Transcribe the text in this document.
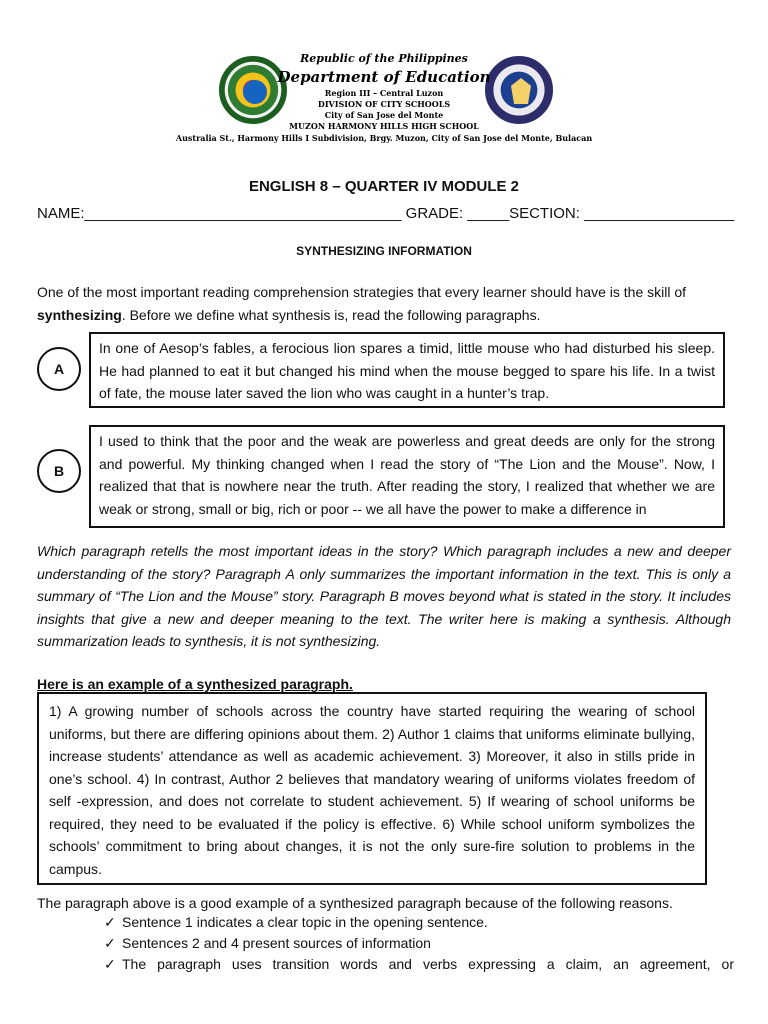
Republic of the Philippines
Department of Education
Region III – Central Luzon
DIVISION OF CITY SCHOOLS
City of San Jose del Monte
MUZON HARMONY HILLS HIGH SCHOOL
Australia St., Harmony Hills I Subdivision, Brgy. Muzon, City of San Jose del Monte, Bulacan
ENGLISH 8 – QUARTER IV MODULE 2
NAME:______________________________________ GRADE: _____SECTION: __________________
SYNTHESIZING INFORMATION
One of the most important reading comprehension strategies that every learner should have is the skill of synthesizing. Before we define what synthesis is, read the following paragraphs.
A
In one of Aesop’s fables, a ferocious lion spares a timid, little mouse who had disturbed his sleep. He had planned to eat it but changed his mind when the mouse begged to spare his life. In a twist of fate, the mouse later saved the lion who was caught in a hunter’s trap.
B
I used to think that the poor and the weak are powerless and great deeds are only for the strong and powerful. My thinking changed when I read the story of “The Lion and the Mouse”. Now, I realized that that is nowhere near the truth. After reading the story, I realized that whether we are weak or strong, small or big, rich or poor -- we all have the power to make a difference in
Which paragraph retells the most important ideas in the story? Which paragraph includes a new and deeper understanding of the story? Paragraph A only summarizes the important information in the text. This is only a summary of “The Lion and the Mouse” story. Paragraph B moves beyond what is stated in the story. It includes insights that give a new and deeper meaning to the text. The writer here is making a synthesis. Although summarization leads to synthesis, it is not synthesizing.
Here is an example of a synthesized paragraph.
1) A growing number of schools across the country have started requiring the wearing of school uniforms, but there are differing opinions about them. 2) Author 1 claims that uniforms eliminate bullying, increase students’ attendance as well as academic achievement. 3) Moreover, it also in stills pride in one’s school. 4) In contrast, Author 2 believes that mandatory wearing of uniforms violates freedom of self -expression, and does not correlate to student achievement. 5) If wearing of school uniforms be required, they need to be evaluated if the policy is effective. 6) While school uniform symbolizes the schools’ commitment to bring about changes, it is not the only sure-fire solution to problems in the campus.
The paragraph above is a good example of a synthesized paragraph because of the following reasons.
✓ Sentence 1 indicates a clear topic in the opening sentence.
✓ Sentences 2 and 4 present sources of information
✓ The paragraph uses transition words and verbs expressing a claim, an agreement, or
